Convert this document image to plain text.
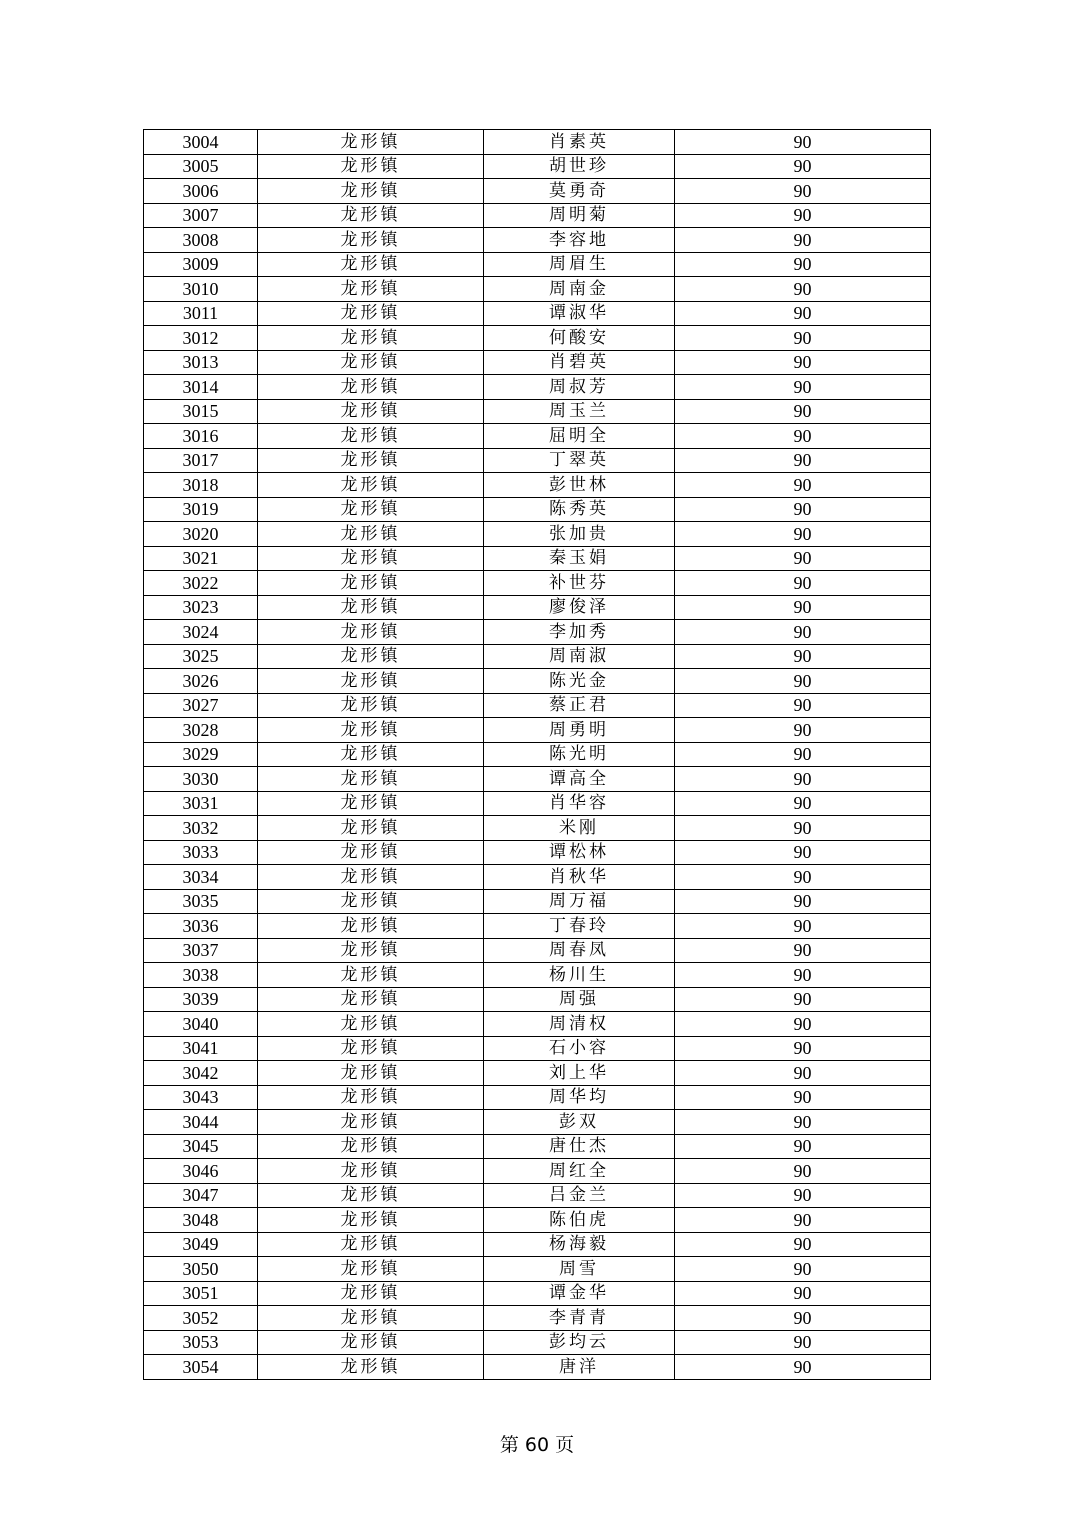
3004	龙形镇	肖素英	90
3005	龙形镇	胡世珍	90
3006	龙形镇	莫勇奇	90
3007	龙形镇	周明菊	90
3008	龙形镇	李容地	90
3009	龙形镇	周眉生	90
3010	龙形镇	周南金	90
3011	龙形镇	谭淑华	90
3012	龙形镇	何酸安	90
3013	龙形镇	肖碧英	90
3014	龙形镇	周叔芳	90
3015	龙形镇	周玉兰	90
3016	龙形镇	屈明全	90
3017	龙形镇	丁翠英	90
3018	龙形镇	彭世林	90
3019	龙形镇	陈秀英	90
3020	龙形镇	张加贵	90
3021	龙形镇	秦玉娟	90
3022	龙形镇	补世芬	90
3023	龙形镇	廖俊泽	90
3024	龙形镇	李加秀	90
3025	龙形镇	周南淑	90
3026	龙形镇	陈光金	90
3027	龙形镇	蔡正君	90
3028	龙形镇	周勇明	90
3029	龙形镇	陈光明	90
3030	龙形镇	谭高全	90
3031	龙形镇	肖华容	90
3032	龙形镇	米刚	90
3033	龙形镇	谭松林	90
3034	龙形镇	肖秋华	90
3035	龙形镇	周万福	90
3036	龙形镇	丁春玲	90
3037	龙形镇	周春凤	90
3038	龙形镇	杨川生	90
3039	龙形镇	周强	90
3040	龙形镇	周清权	90
3041	龙形镇	石小容	90
3042	龙形镇	刘上华	90
3043	龙形镇	周华均	90
3044	龙形镇	彭双	90
3045	龙形镇	唐仕杰	90
3046	龙形镇	周红全	90
3047	龙形镇	吕金兰	90
3048	龙形镇	陈伯虎	90
3049	龙形镇	杨海毅	90
3050	龙形镇	周雪	90
3051	龙形镇	谭金华	90
3052	龙形镇	李青青	90
3053	龙形镇	彭均云	90
3054	龙形镇	唐洋	90
第 60 页
